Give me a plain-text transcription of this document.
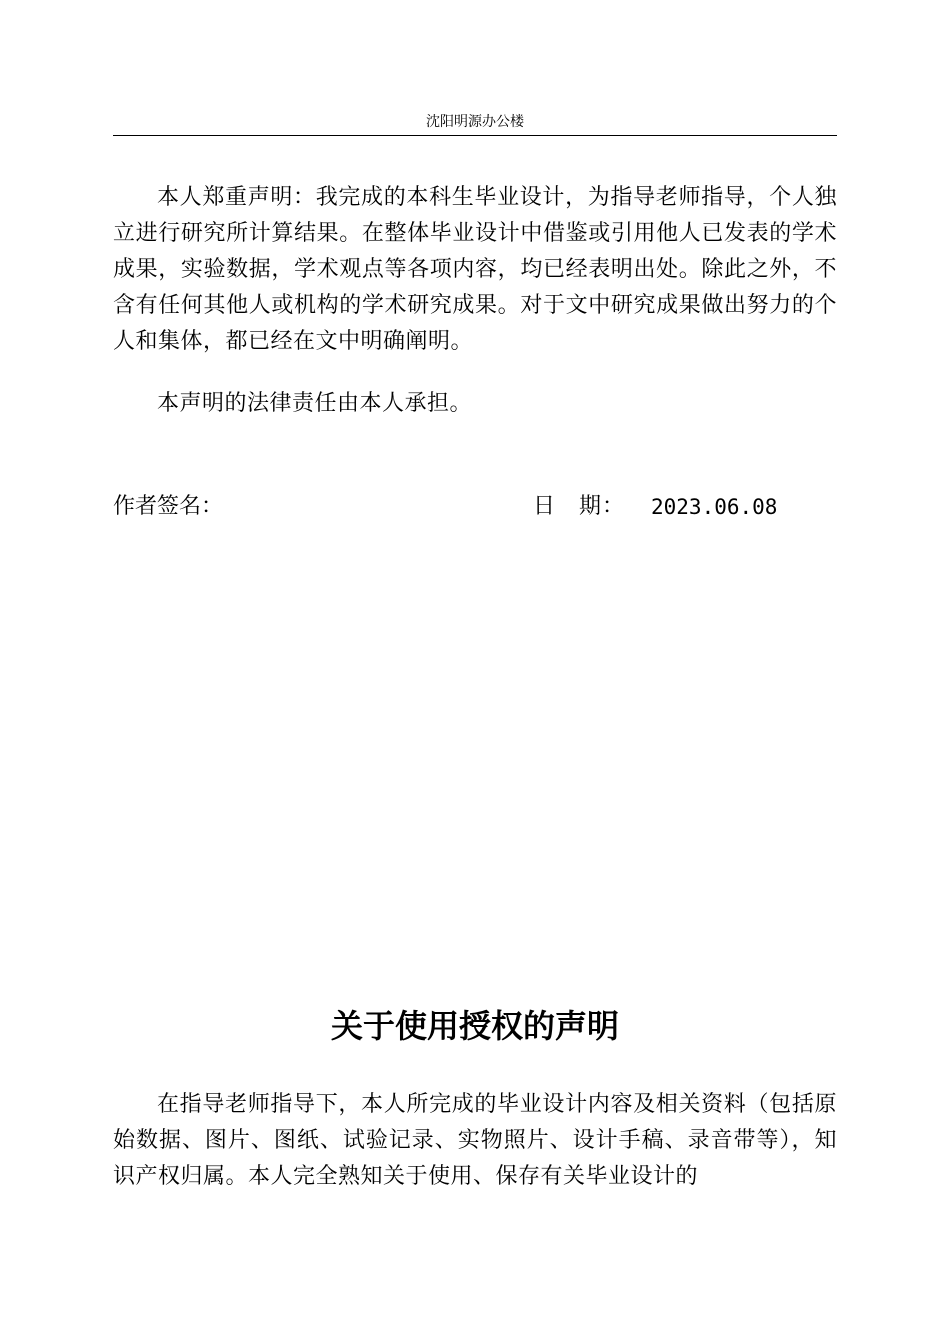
沈阳明源办公楼

本人郑重声明：我完成的本科生毕业设计，为指导老师指导，个人独立进行研究所计算结果。在整体毕业设计中借鉴或引用他人已发表的学术成果，实验数据，学术观点等各项内容，均已经表明出处。除此之外，不含有任何其他人或机构的学术研究成果。对于文中研究成果做出努力的个人和集体，都已经在文中明确阐明。

本声明的法律责任由本人承担。

作者签名：	日　期： 2023.06.08
关于使用授权的声明

在指导老师指导下，本人所完成的毕业设计内容及相关资料（包括原始数据、图片、图纸、试验记录、实物照片、设计手稿、录音带等），知识产权归属。本人完全熟知关于使用、保存有关毕业设计的
